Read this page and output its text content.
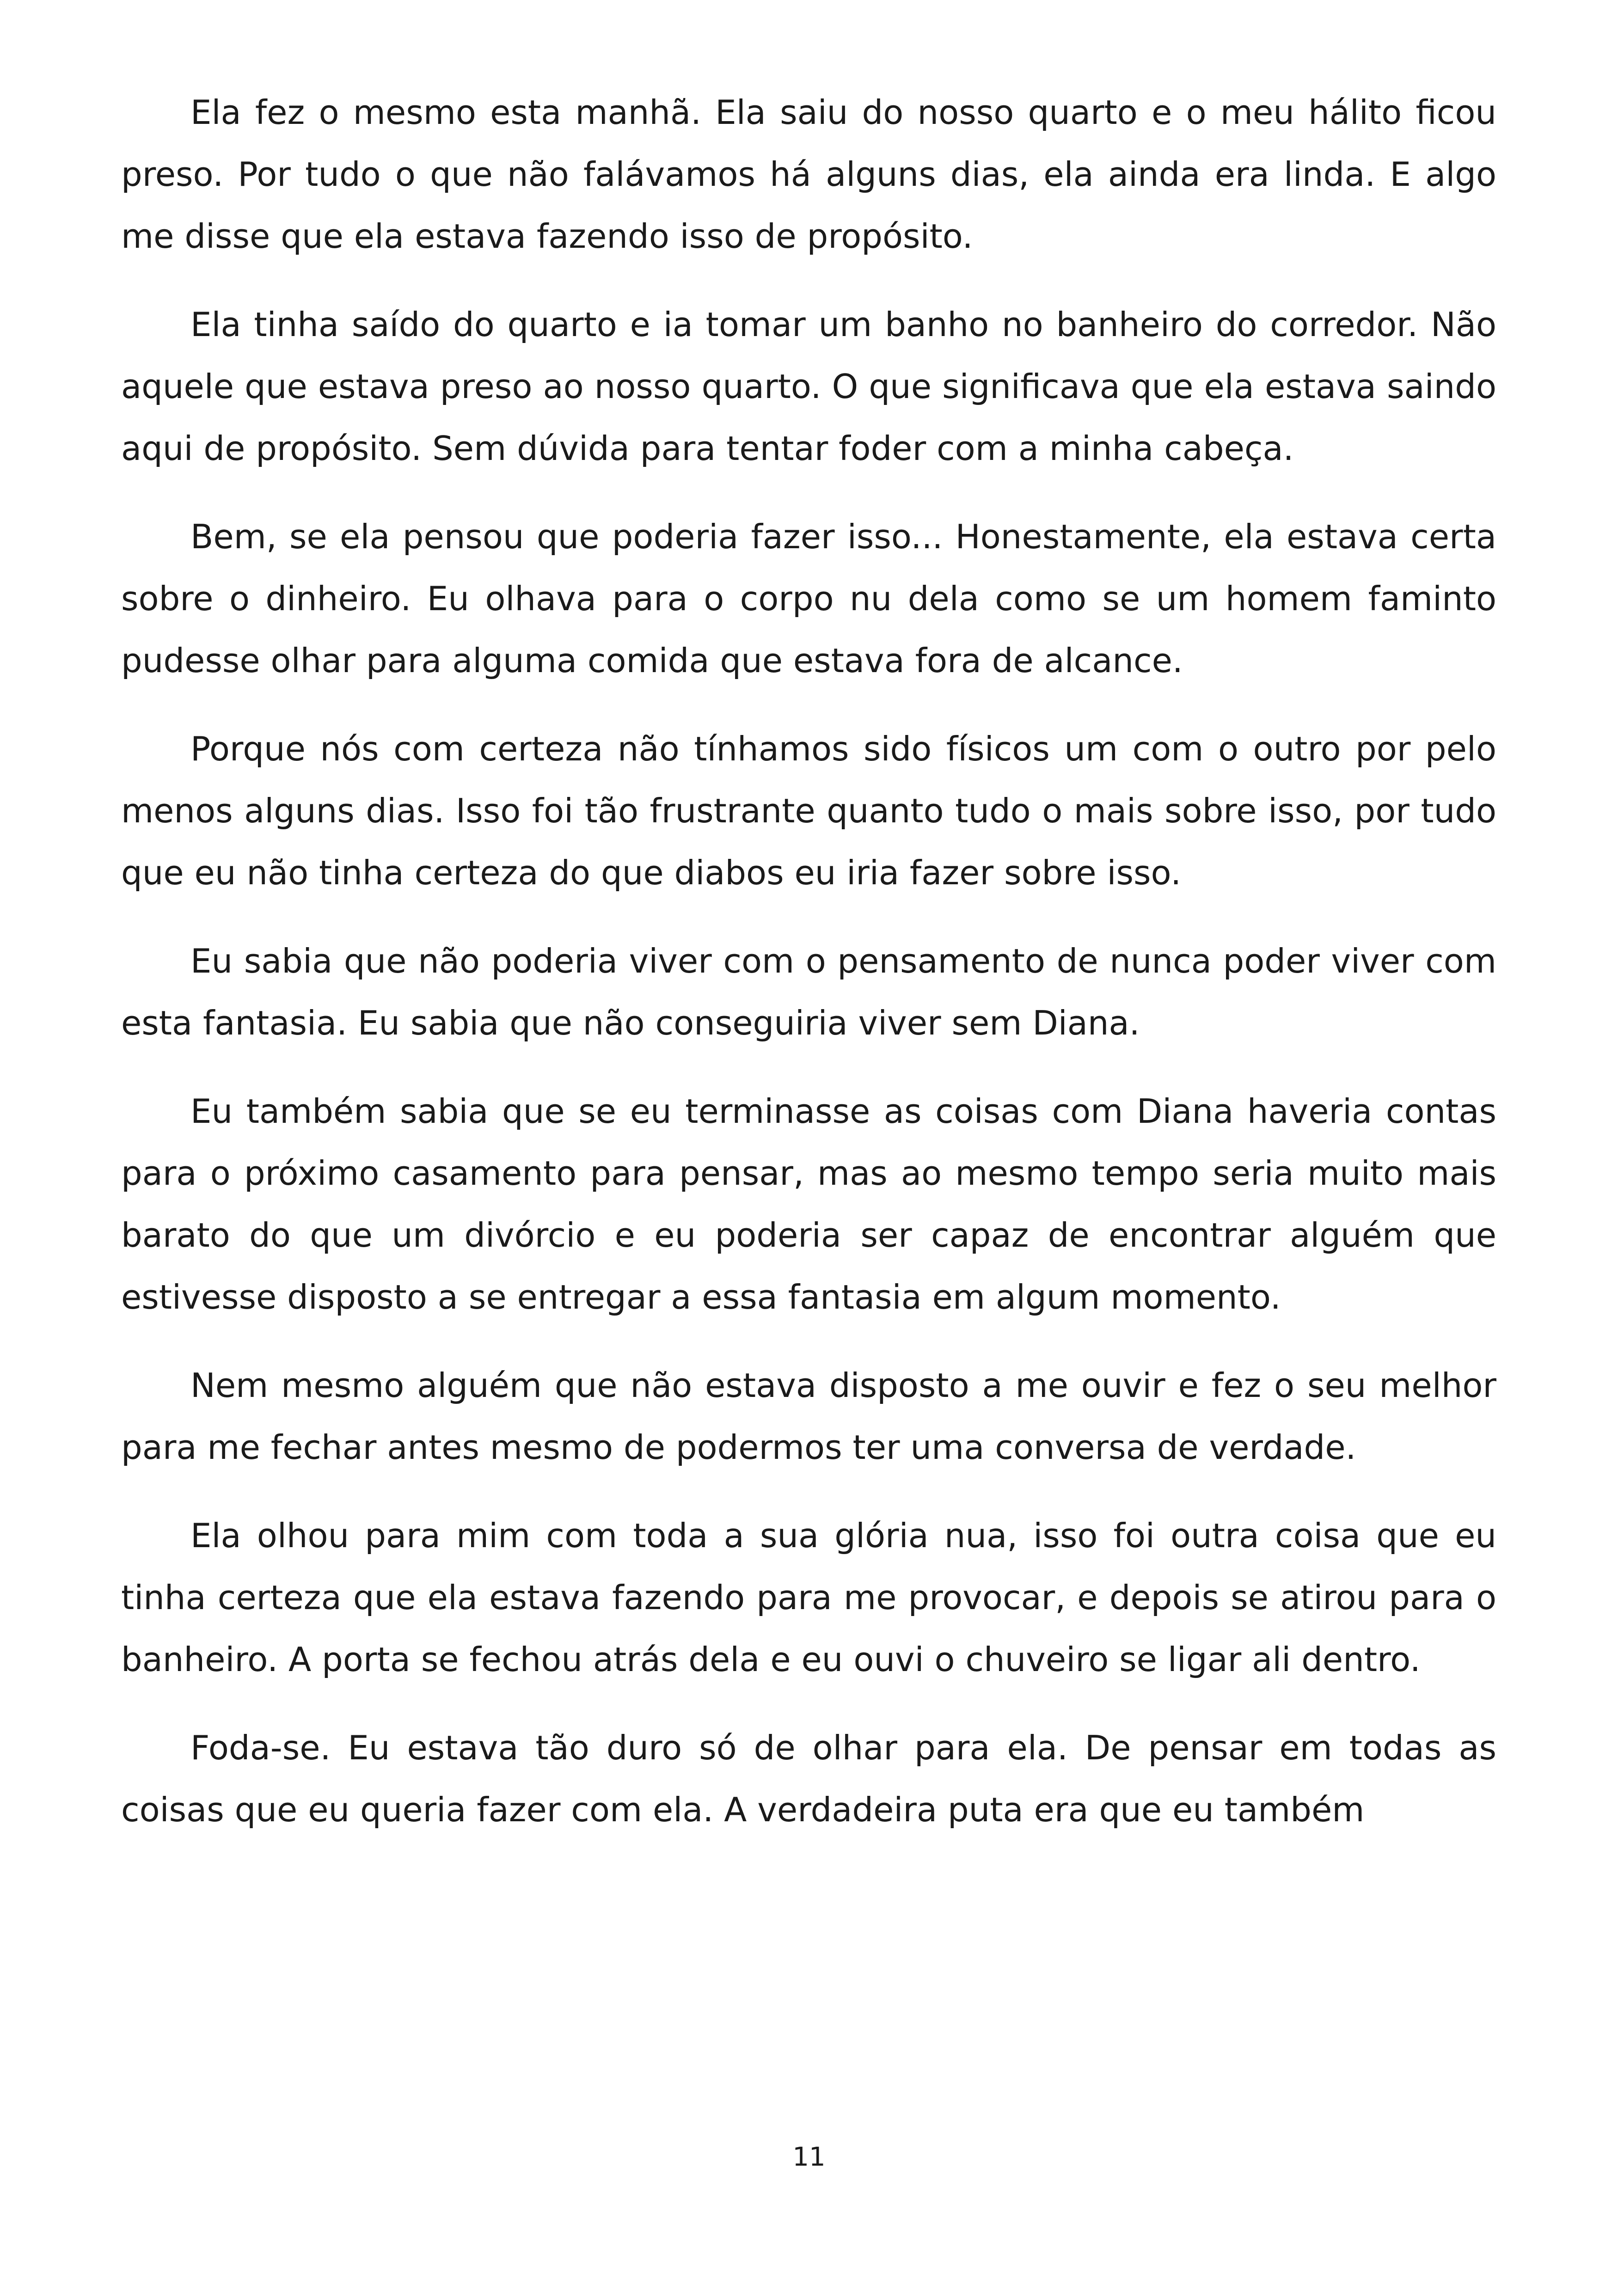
Ela fez o mesmo esta manhã. Ela saiu do nosso quarto e o meu hálito ficou preso. Por tudo o que não falávamos há alguns dias, ela ainda era linda. E algo me disse que ela estava fazendo isso de propósito.

Ela tinha saído do quarto e ia tomar um banho no banheiro do corredor. Não aquele que estava preso ao nosso quarto. O que significava que ela estava saindo aqui de propósito. Sem dúvida para tentar foder com a minha cabeça.

Bem, se ela pensou que poderia fazer isso... Honestamente, ela estava certa sobre o dinheiro. Eu olhava para o corpo nu dela como se um homem faminto pudesse olhar para alguma comida que estava fora de alcance.

Porque nós com certeza não tínhamos sido físicos um com o outro por pelo menos alguns dias. Isso foi tão frustrante quanto tudo o mais sobre isso, por tudo que eu não tinha certeza do que diabos eu iria fazer sobre isso.

Eu sabia que não poderia viver com o pensamento de nunca poder viver com esta fantasia. Eu sabia que não conseguiria viver sem Diana.

Eu também sabia que se eu terminasse as coisas com Diana haveria contas para o próximo casamento para pensar, mas ao mesmo tempo seria muito mais barato do que um divórcio e eu poderia ser capaz de encontrar alguém que estivesse disposto a se entregar a essa fantasia em algum momento.

Nem mesmo alguém que não estava disposto a me ouvir e fez o seu melhor para me fechar antes mesmo de podermos ter uma conversa de verdade.

Ela olhou para mim com toda a sua glória nua, isso foi outra coisa que eu tinha certeza que ela estava fazendo para me provocar, e depois se atirou para o banheiro. A porta se fechou atrás dela e eu ouvi o chuveiro se ligar ali dentro.

Foda-se. Eu estava tão duro só de olhar para ela. De pensar em todas as coisas que eu queria fazer com ela. A verdadeira puta era que eu também

11
